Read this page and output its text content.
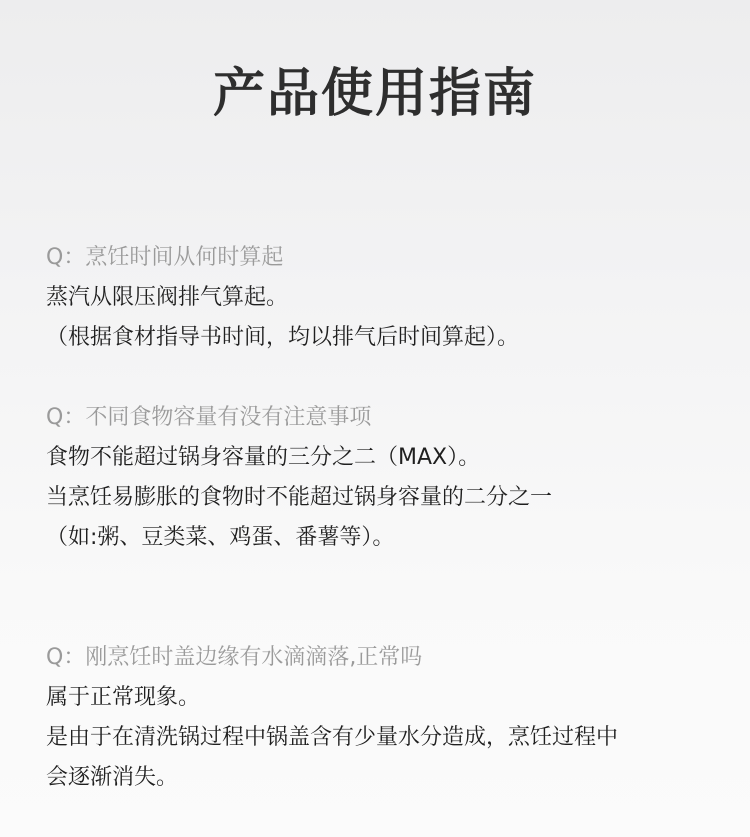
产品使用指南
Q：烹饪时间从何时算起
蒸汽从限压阀排气算起。
（根据食材指导书时间，均以排气后时间算起）。
Q：不同食物容量有没有注意事项
食物不能超过锅身容量的三分之二（MAX）。
当烹饪易膨胀的食物时不能超过锅身容量的二分之一
（如:粥、豆类菜、鸡蛋、番薯等）。
Q：刚烹饪时盖边缘有水滴滴落,正常吗
属于正常现象。
是由于在清洗锅过程中锅盖含有少量水分造成，烹饪过程中
会逐渐消失。
